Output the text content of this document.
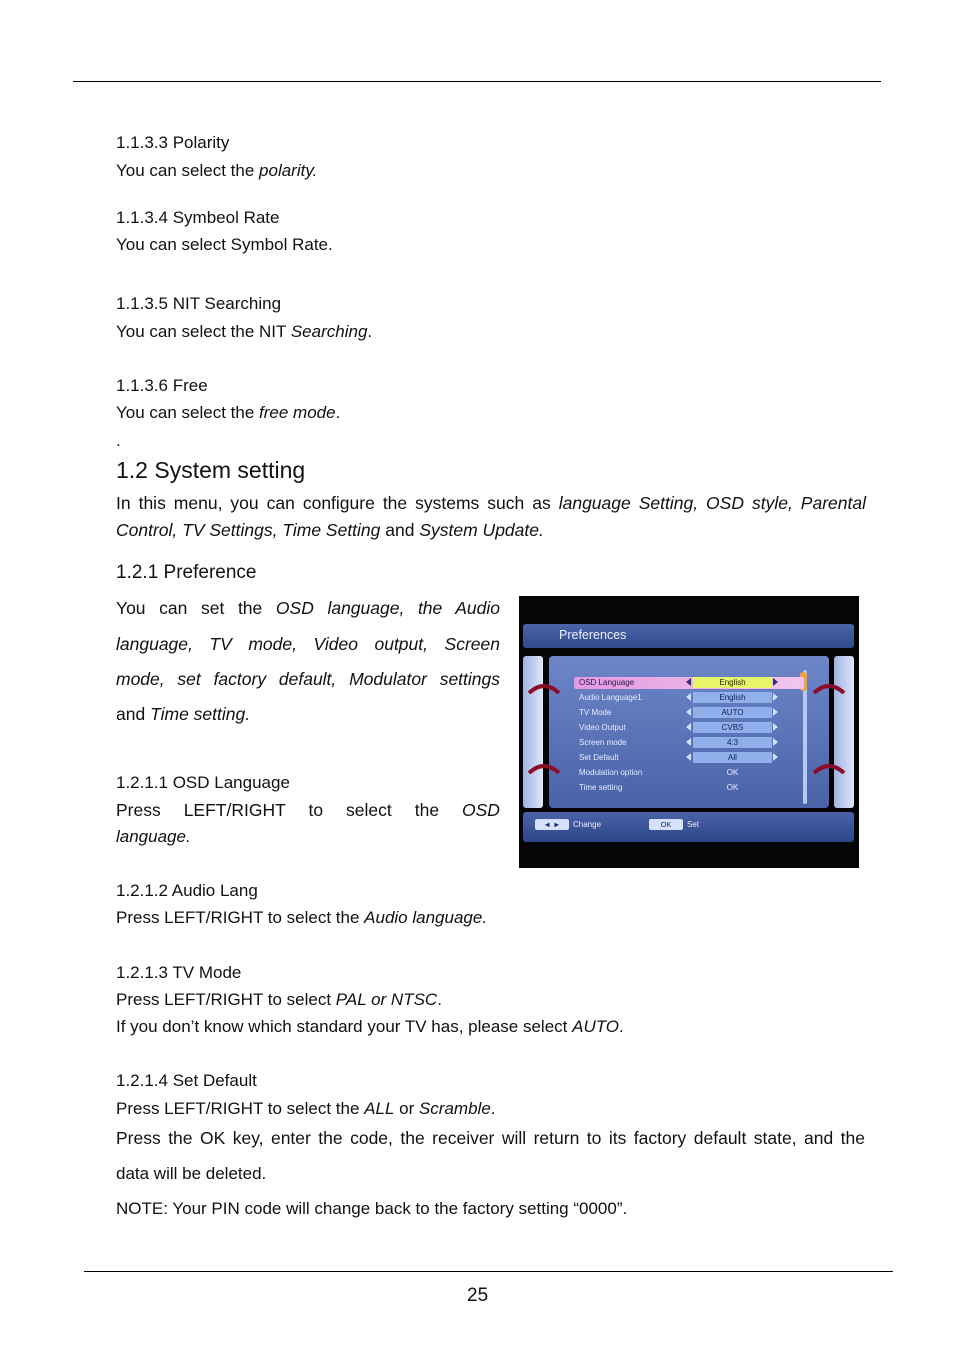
1.1.3.3 Polarity
You can select the polarity.
1.1.3.4 Symbeol Rate
You can select Symbol Rate.
1.1.3.5 NIT Searching
You can select the NIT Searching.
1.1.3.6 Free
You can select the free mode.
.
1.2 System setting
In this menu, you can configure the systems such as language Setting, OSD style, Parental
Control, TV Settings, Time Setting and System Update.
1.2.1 Preference
You can set the OSD language, the Audio
language, TV mode, Video output, Screen
mode, set factory default, Modulator settings
and Time setting.
Preferences
OSD Language	English
Audio Language1	English
TV Mode	AUTO
Video Output	CVBS
Screen mode	4:3
Set Default	All
Modulation option	OK
Time setting	OK
◄ ►	Change	OK	Set
1.2.1.1 OSD Language
Press LEFT/RIGHT to select the OSD
language.
1.2.1.2 Audio Lang
Press LEFT/RIGHT to select the Audio language.
1.2.1.3 TV Mode
Press LEFT/RIGHT to select PAL or NTSC.
If you don’t know which standard your TV has, please select AUTO.
1.2.1.4 Set Default
Press LEFT/RIGHT to select the ALL or Scramble.
Press the OK key, enter the code, the receiver will return to its factory default state, and the
data will be deleted.
NOTE: Your PIN code will change back to the factory setting “0000”.
25
